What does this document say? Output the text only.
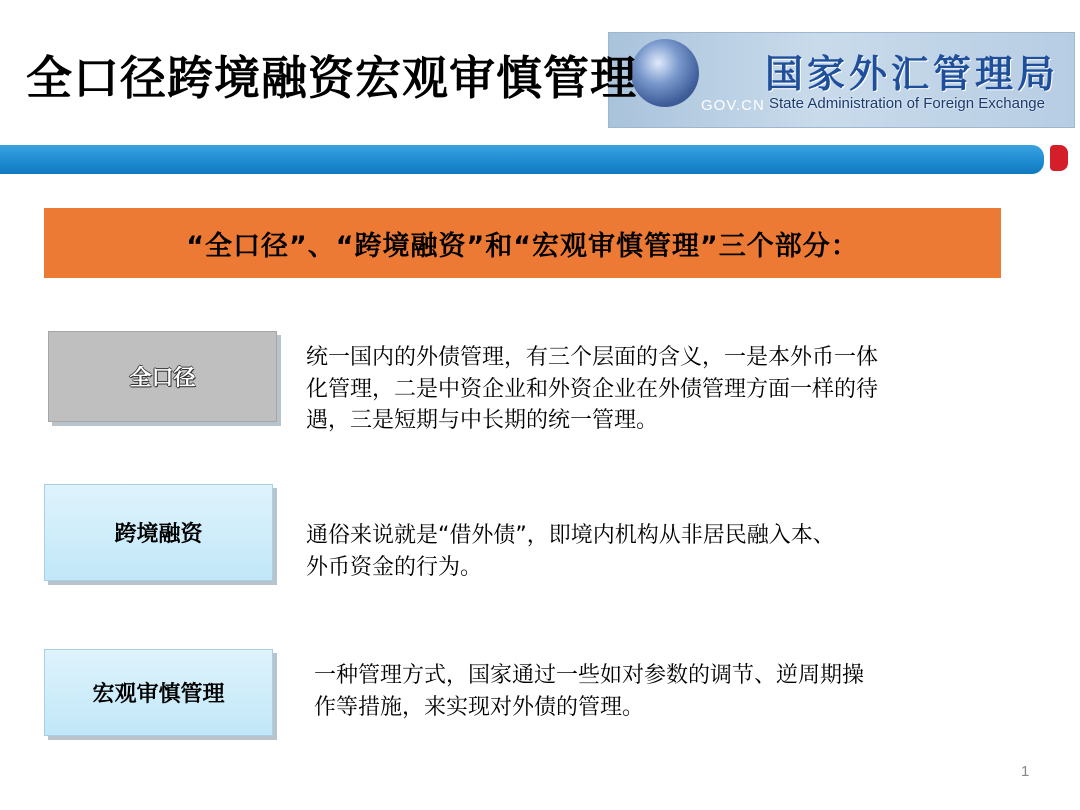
全口径跨境融资宏观审慎管理
GOV.CN
国家外汇管理局
State Administration of Foreign Exchange
“全口径”、“跨境融资”和“宏观审慎管理”三个部分：
全口径
统一国内的外债管理，有三个层面的含义，一是本外币一体
化管理，二是中资企业和外资企业在外债管理方面一样的待
遇，三是短期与中长期的统一管理。
跨境融资	通俗来说就是“借外债”，即境内机构从非居民融入本、
外币资金的行为。
宏观审慎管理
一种管理方式，国家通过一些如对参数的调节、逆周期操
作等措施，来实现对外债的管理。
1
